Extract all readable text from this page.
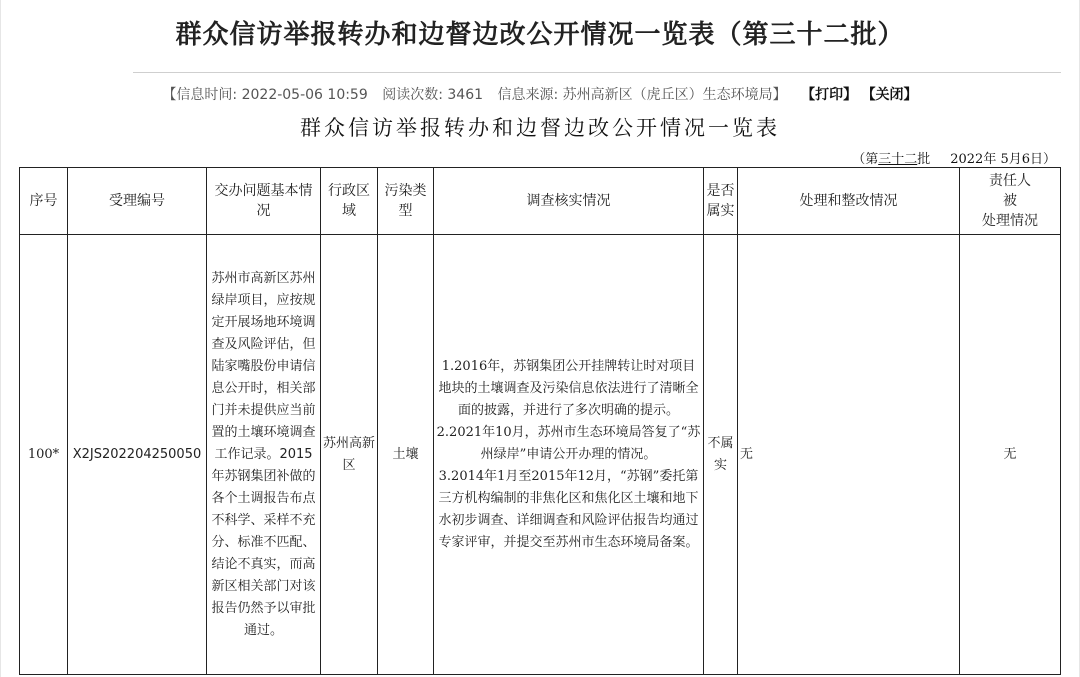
群众信访举报转办和边督边改公开情况一览表（第三十二批）
【信息时间: 2022-05-06 10:59 阅读次数: 3461 信息来源: 苏州高新区（虎丘区）生态环境局】 【打印】 【关闭】
群众信访举报转办和边督边改公开情况一览表
（第三十二批 2022年 5月6日）
序号	受理编号	交办问题基本情况	行政区域	污染类型	调查核实情况	是否属实	处理和整改情况	责任人
被
处理情况

100*	X2JS202204250050	苏州市高新区苏州绿岸项目，应按规定开展场地环境调查及风险评估，但陆家嘴股份申请信息公开时，相关部门并未提供应当前置的土壤环境调查工作记录。2015年苏钢集团补做的各个土调报告布点不科学、采样不充分、标准不匹配、结论不真实，而高新区相关部门对该报告仍然予以审批通过。	苏州高新区	土壤	1.2016年，苏钢集团公开挂牌转让时对项目地块的土壤调查及污染信息依法进行了清晰全面的披露，并进行了多次明确的提示。

2.2021年10月，苏州市生态环境局答复了“苏州绿岸”申请公开办理的情况。

3.2014年1月至2015年12月，“苏钢”委托第三方机构编制的非焦化区和焦化区土壤和地下水初步调查、详细调查和风险评估报告均通过专家评审，并提交至苏州市生态环境局备案。	不属实	无	无
